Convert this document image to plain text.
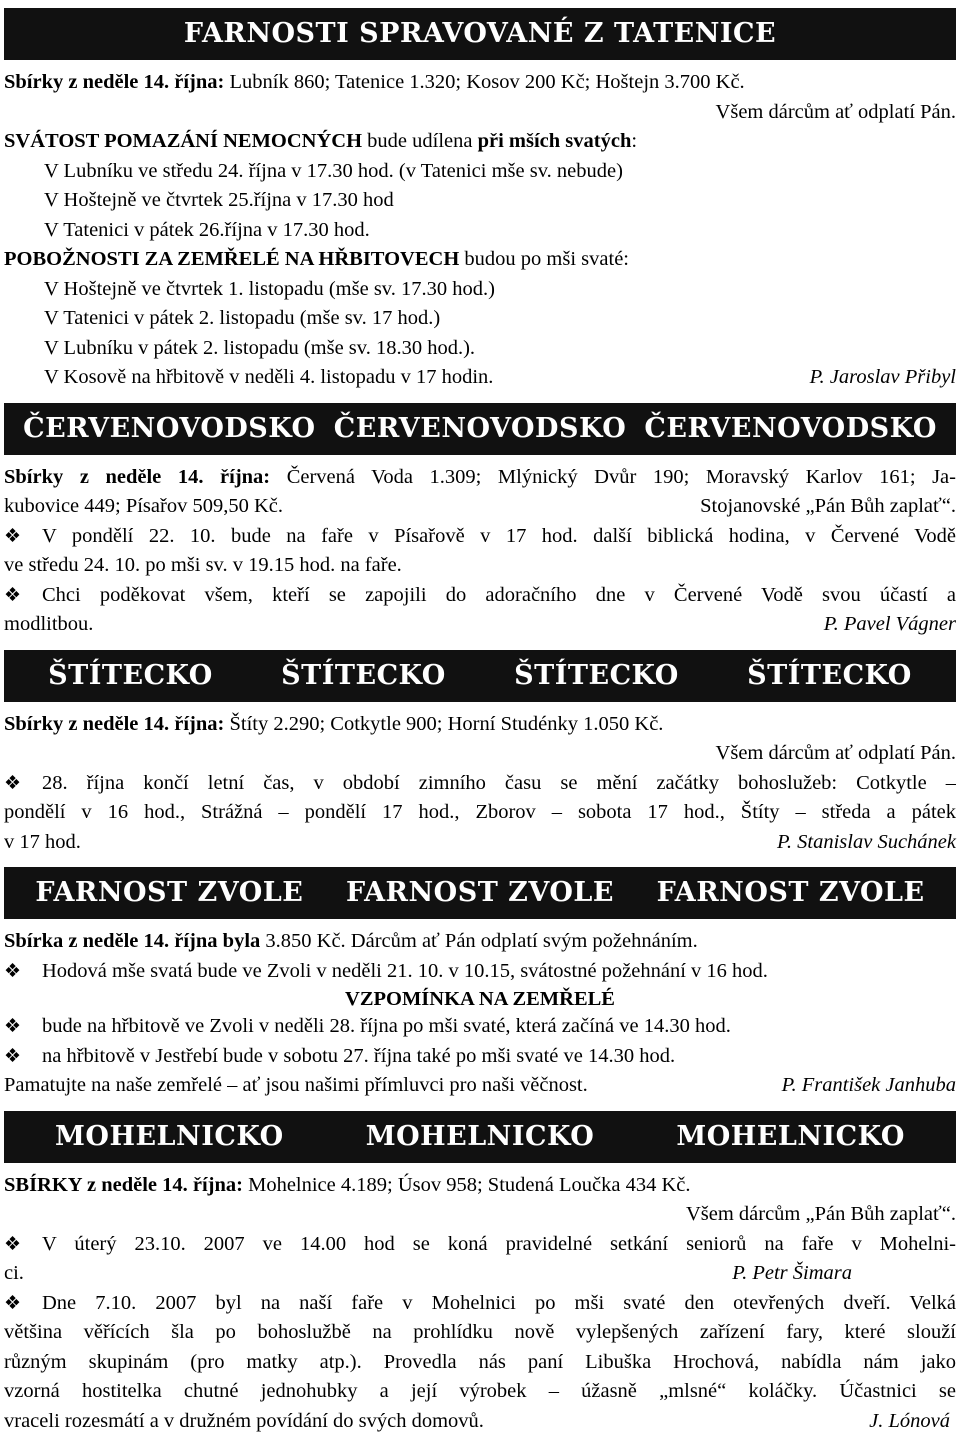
FARNOSTI SPRAVOVANÉ Z TATENICE
Sbírky z neděle 14. října: Lubník 860; Tatenice 1.320; Kosov 200 Kč; Hoštejn 3.700 Kč.
Všem dárcům ať odplatí Pán.
SVÁTOST POMAZÁNÍ NEMOCNÝCH bude udílena při mších svatých:
V Lubníku ve středu 24. října v 17.30 hod. (v Tatenici mše sv. nebude)
V Hoštejně ve čtvrtek 25.října v 17.30 hod
V Tatenici v pátek 26.října v 17.30 hod.
POBOŽNOSTI ZA ZEMŘELÉ NA HŘBITOVECH budou po mši svaté:
V Hoštejně ve čtvrtek 1. listopadu (mše sv. 17.30 hod.)
V Tatenici v pátek 2. listopadu (mše sv. 17 hod.)
V Lubníku v pátek 2. listopadu (mše sv. 18.30 hod.).
V Kosově na hřbitově v neděli 4. listopadu v 17 hodin.	P. Jaroslav Přibyl
ČERVENOVODSKO ČERVENOVODSKO ČERVENOVODSKO
Sbírky z neděle 14. října: Červená Voda 1.309; Mlýnický Dvůr 190; Moravský Karlov 161; Ja-
kubovice 449; Písařov 509,50 Kč.	Stojanovské „Pán Bůh zaplať“.
❖ V pondělí 22. 10. bude na faře v Písařově v 17 hod. další biblická hodina, v Červené Vodě
ve středu 24. 10. po mši sv. v 19.15 hod. na faře.
❖ Chci poděkovat všem, kteří se zapojili do adoračního dne v Červené Vodě svou účastí a
modlitbou.	P. Pavel Vágner
ŠTÍTECKO	ŠTÍTECKO	ŠTÍTECKO	ŠTÍTECKO
Sbírky z neděle 14. října: Štíty 2.290; Cotkytle 900; Horní Studénky 1.050 Kč.
Všem dárcům ať odplatí Pán.
❖ 28. října končí letní čas, v období zimního času se mění začátky bohoslužeb: Cotkytle –
pondělí v 16 hod., Strážná – pondělí 17 hod., Zborov – sobota 17 hod., Štíty – středa a pátek
v 17 hod.	P. Stanislav Suchánek
FARNOST ZVOLE FARNOST ZVOLE FARNOST ZVOLE
Sbírka z neděle 14. října byla 3.850 Kč. Dárcům ať Pán odplatí svým požehnáním.
❖ Hodová mše svatá bude ve Zvoli v neděli 21. 10. v 10.15, svátostné požehnání v 16 hod.
VZPOMÍNKA NA ZEMŘELÉ
❖ bude na hřbitově ve Zvoli v neděli 28. října po mši svaté, která začíná ve 14.30 hod.
❖ na hřbitově v Jestřebí bude v sobotu 27. října také po mši svaté ve 14.30 hod.
Pamatujte na naše zemřelé – ať jsou našimi přímluvci pro naši věčnost.	P. František Janhuba
MOHELNICKO	MOHELNICKO	MOHELNICKO
SBÍRKY z neděle 14. října: Mohelnice 4.189; Úsov 958; Studená Loučka 434 Kč.
Všem dárcům „Pán Bůh zaplať“.
❖ V úterý 23.10. 2007 ve 14.00 hod se koná pravidelné setkání seniorů na faře v Mohelni-
ci.	P. Petr Šimara
❖ Dne 7.10. 2007 byl na naší faře v Mohelnici po mši svaté den otevřených dveří. Velká
většina věřících šla po bohoslužbě na prohlídku nově vylepšených zařízení fary, které slouží
různým skupinám (pro matky atp.). Provedla nás paní Libuška Hrochová, nabídla nám jako
vzorná hostitelka chutné jednohubky a její výrobek – úžasně „mlsné“ koláčky. Účastnici se
vraceli rozesmátí a v družném povídání do svých domovů.	J. Lónová
